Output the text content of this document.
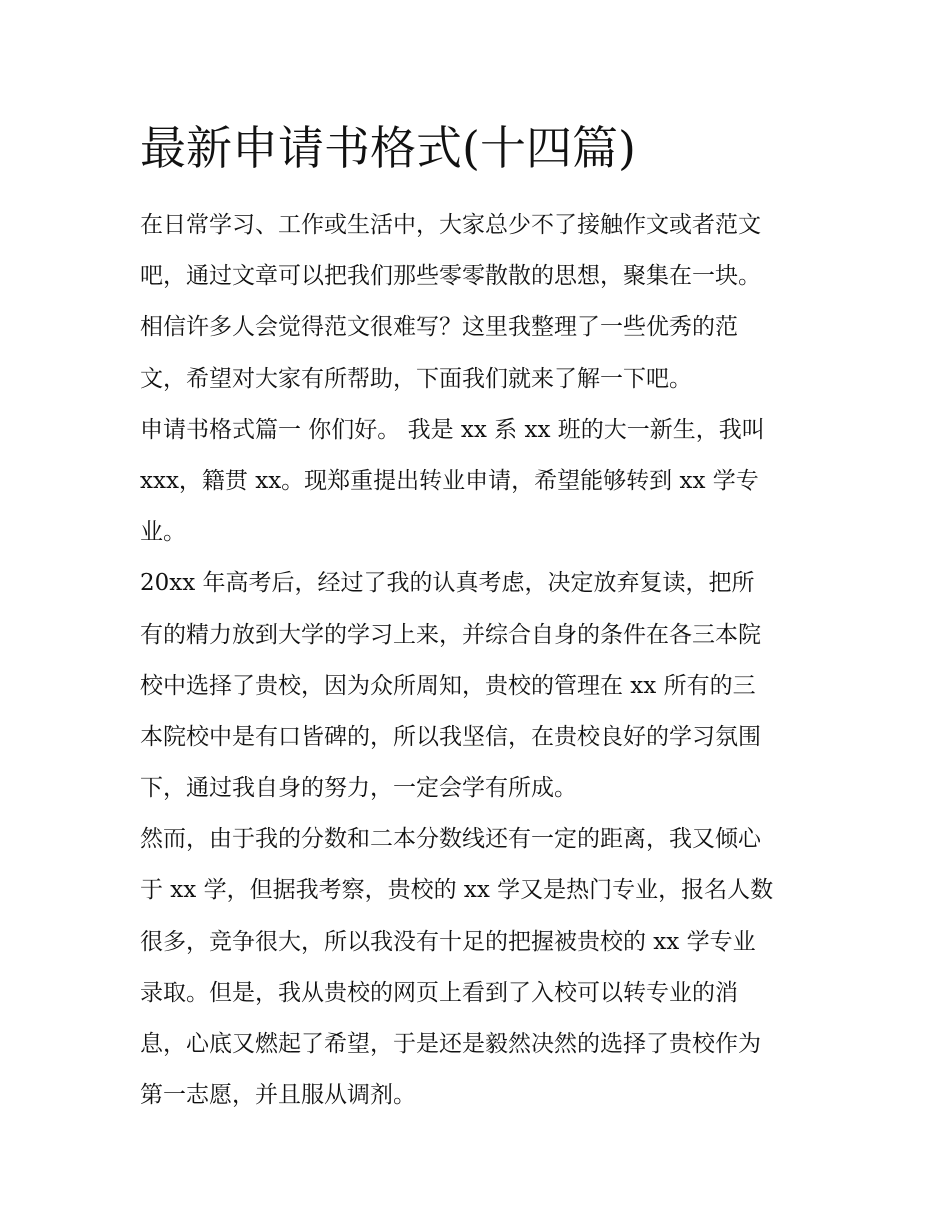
最新申请书格式(十四篇)

在日常学习、工作或生活中，大家总少不了接触作文或者范文

吧，通过文章可以把我们那些零零散散的思想，聚集在一块。

相信许多人会觉得范文很难写？这里我整理了一些优秀的范

文，希望对大家有所帮助，下面我们就来了解一下吧。

申请书格式篇一 你们好。 我是 xx 系 xx 班的大一新生，我叫

xxx，籍贯 xx。现郑重提出转业申请，希望能够转到 xx 学专

业。

20xx 年高考后，经过了我的认真考虑，决定放弃复读，把所

有的精力放到大学的学习上来，并综合自身的条件在各三本院

校中选择了贵校，因为众所周知，贵校的管理在 xx 所有的三

本院校中是有口皆碑的，所以我坚信，在贵校良好的学习氛围

下，通过我自身的努力，一定会学有所成。

然而，由于我的分数和二本分数线还有一定的距离，我又倾心

于 xx 学，但据我考察，贵校的 xx 学又是热门专业，报名人数

很多，竞争很大，所以我没有十足的把握被贵校的 xx 学专业

录取。但是，我从贵校的网页上看到了入校可以转专业的消

息，心底又燃起了希望，于是还是毅然决然的选择了贵校作为

第一志愿，并且服从调剂。
